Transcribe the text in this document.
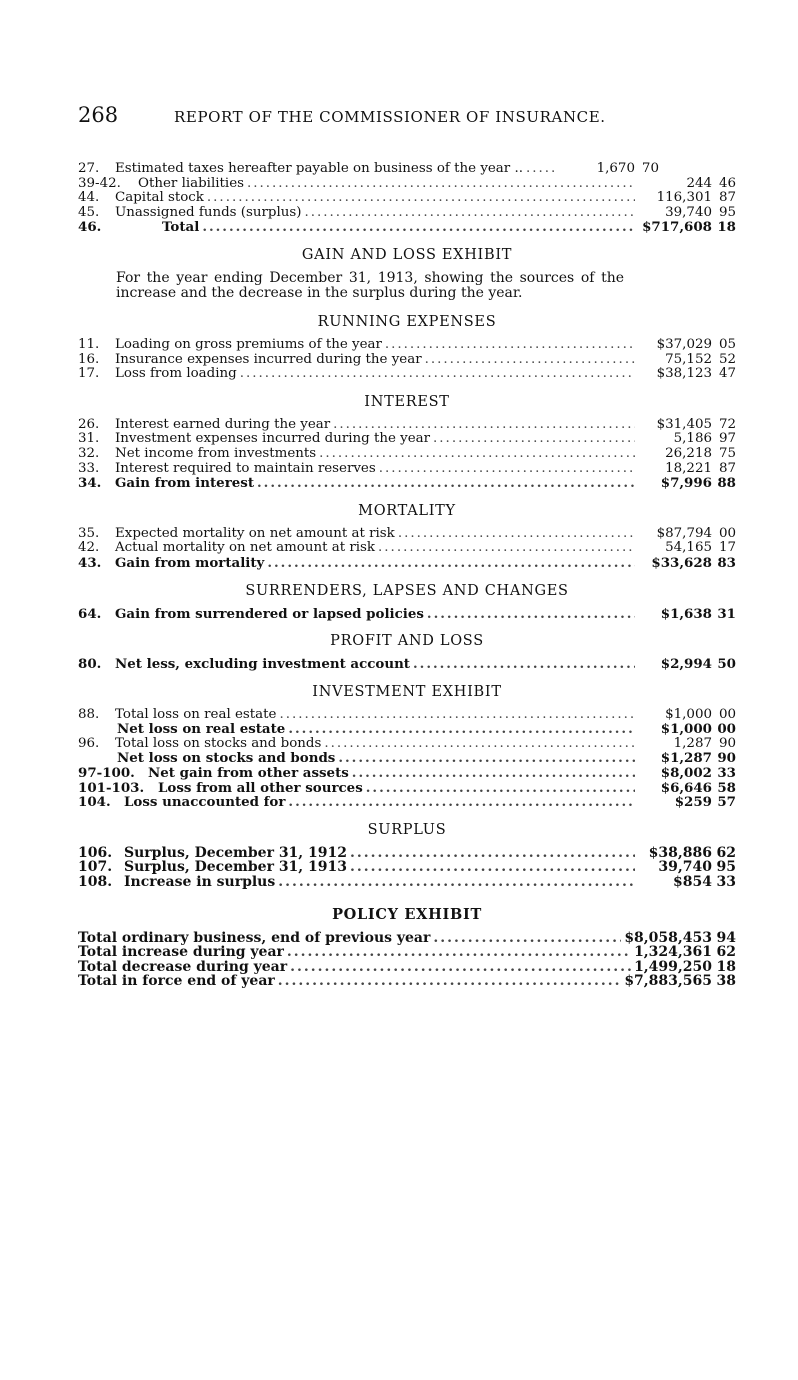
268	REPORT OF THE COMMISSIONER OF INSURANCE.
27.	Estimated taxes hereafter payable on business of the year .. .....	1,670 70
39-42.	Other liabilities .....	244 46
44.	Capital stock .....	116,301 87
45.	Unassigned funds (surplus) .....	39,740 95
46.	Total .....	$717,608 18
GAIN AND LOSS EXHIBIT
For the year ending December 31, 1913, showing the sources of the increase and the decrease in the surplus during the year.
RUNNING EXPENSES
11.	Loading on gross premiums of the year .....	$37,029 05
16.	Insurance expenses incurred during the year .....	75,152 52
17.	Loss from loading .....	$38,123 47
INTEREST
26.	Interest earned during the year .....	$31,405 72
31.	Investment expenses incurred during the year .....	5,186 97
32.	Net income from investments .....	26,218 75
33.	Interest required to maintain reserves .....	18,221 87
34.	Gain from interest .....	$7,996 88
MORTALITY
35.	Expected mortality on net amount at risk .....	$87,794 00
42.	Actual mortality on net amount at risk .....	54,165 17
43.	Gain from mortality .....	$33,628 83
SURRENDERS, LAPSES AND CHANGES
64.	Gain from surrendered or lapsed policies .....	$1,638 31
PROFIT AND LOSS
80.	Net less, excluding investment account .....	$2,994 50
INVESTMENT EXHIBIT
88.	Total loss on real estate .....	$1,000 00
Net loss on real estate .....	$1,000 00
96.	Total loss on stocks and bonds .....	1,287 90
Net loss on stocks and bonds .....	$1,287 90
97-100. Net gain from other assets .....	$8,002 33
101-103.	Loss from all other sources .....	$6,646 58
104. Loss unaccounted for .....	$259 57
SURPLUS
106. Surplus, December 31, 1912 .....	$38,886 62
107. Surplus, December 31, 1913 .....	39,740 95
108. Increase in surplus .....	$854 33
POLICY EXHIBIT
Total ordinary business, end of previous year .....	$8,058,453 94
Total increase during year .....	1,324,361 62
Total decrease during year .....	1,499,250 18
Total in force end of year .....	$7,883,565 38
